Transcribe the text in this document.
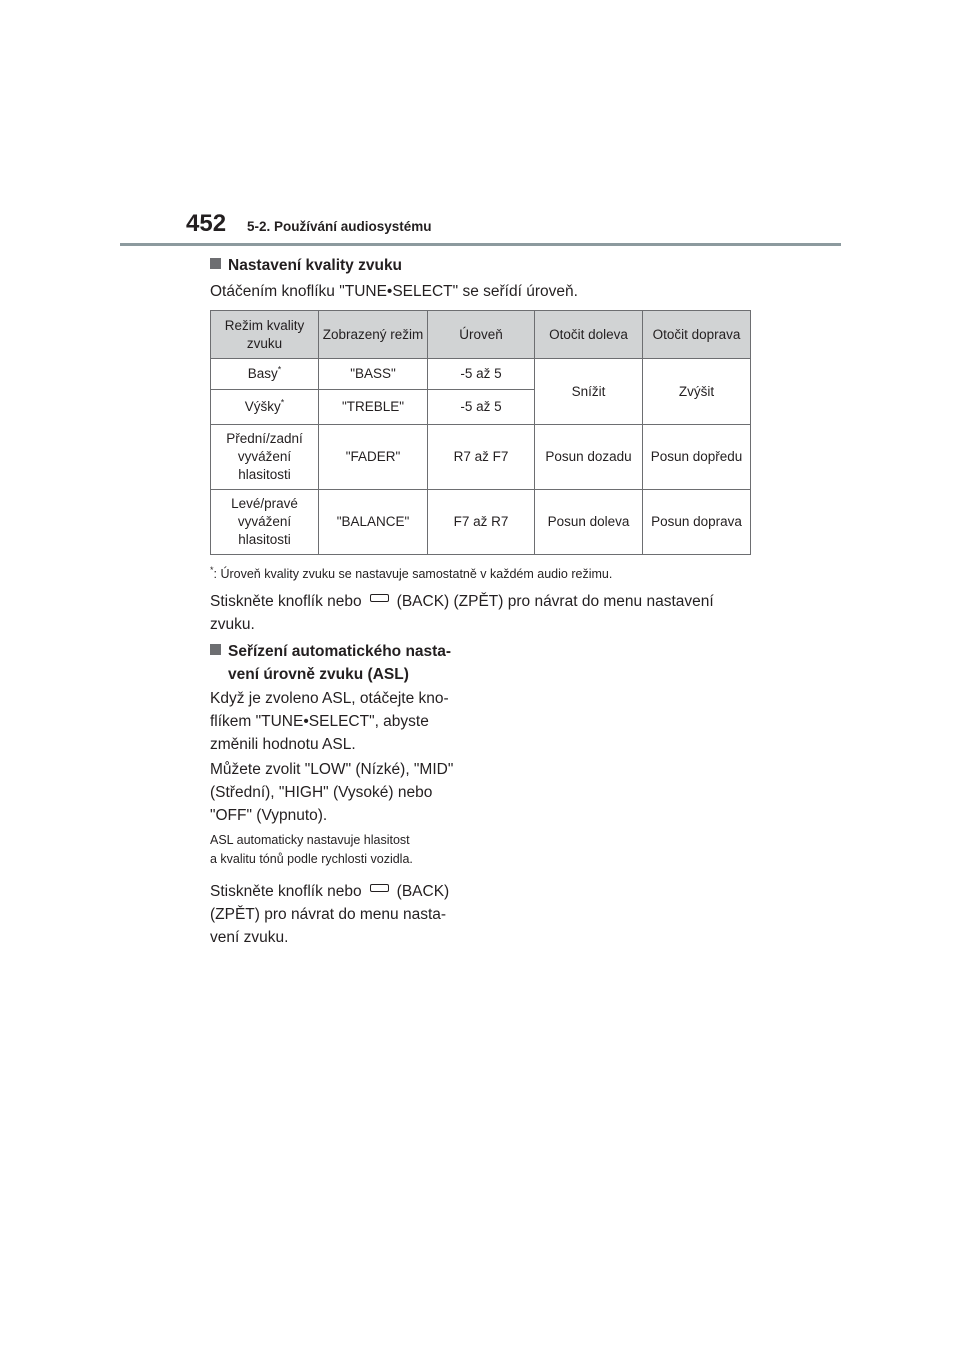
452 5-2. Používání audiosystému
Nastavení kvality zvuku
Otáčením knoflíku "TUNE•SELECT" se seřídí úroveň.
Režim kvality zvuku	Zobrazený režim	Úroveň	Otočit doleva	Otočit doprava
Basy*	"BASS"	-5 až 5	Snížit	Zvýšit
Výšky*	"TREBLE"	-5 až 5		
Přední/zadní vyvážení hlasitosti	"FADER"	R7 až F7	Posun dozadu	Posun dopředu
Levé/pravé vyvážení hlasitosti	"BALANCE"	F7 až R7	Posun doleva	Posun doprava
*: Úroveň kvality zvuku se nastavuje samostatně v každém audio režimu.
Stiskněte knoflík nebo (BACK) (ZPĚT) pro návrat do menu nastavení
zvuku.
Seřízení automatického nasta-
vení úrovně zvuku (ASL)
Když je zvoleno ASL, otáčejte kno-
flíkem "TUNE•SELECT", abyste
změnili hodnotu ASL.
Můžete zvolit "LOW" (Nízké), "MID"
(Střední), "HIGH" (Vysoké) nebo
"OFF" (Vypnuto).
ASL automaticky nastavuje hlasitost
a kvalitu tónů podle rychlosti vozidla.
Stiskněte knoflík nebo (BACK)
(ZPĚT) pro návrat do menu nasta-
vení zvuku.
